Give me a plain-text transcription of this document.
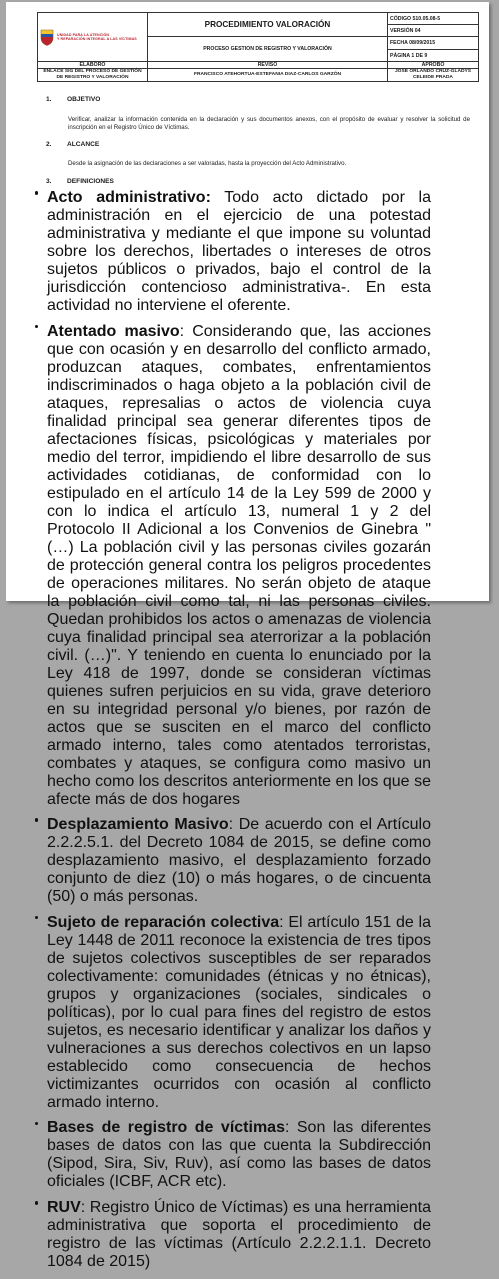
UNIDAD PARA LA ATENCIÓN
Y REPARACIÓN INTEGRAL A LAS VÍCTIMAS	PROCEDIMIENTO VALORACIÓN	CÓDIGO 510.05.08-5
		VERSIÓN 04
	PROCESO GESTION DE REGISTRO Y VALORACIÓN	FECHA 08/09/2015
		PÁGINA 1 DE 9
ELABORÓ	REVISÓ	APROBÓ
ENLACE SIG DEL PROCESO DE GESTIÓN DE REGISTRO Y VALORACIÓN	FRANCISCO ATEHORTUA-ESTEFANIA DIAZ-CARLOS GARZÓN	JOSE ORLANDO CRUZ-GLADYS CELEIDE PRADA
1. OBJETIVO
Verificar, analizar la información contenida en la declaración y sus documentos anexos, con el propósito de evaluar y resolver la solicitud de inscripción en el Registro Único de Víctimas.
2. ALCANCE
Desde la asignación de las declaraciones a ser valoradas, hasta la proyección del Acto Administrativo.
3. DEFINICIONES
Acto administrativo: Todo acto dictado por la administración en el ejercicio de una potestad administrativa y mediante el que impone su voluntad sobre los derechos, libertades o intereses de otros sujetos públicos o privados, bajo el control de la jurisdicción contencioso administrativa-. En esta actividad no interviene el oferente.
Atentado masivo: Considerando que, las acciones que con ocasión y en desarrollo del conflicto armado, produzcan ataques, combates, enfrentamientos indiscriminados o haga objeto a la población civil de ataques, represalias o actos de violencia cuya finalidad principal sea generar diferentes tipos de afectaciones físicas, psicológicas y materiales por medio del terror, impidiendo el libre desarrollo de sus actividades cotidianas, de conformidad con lo estipulado en el artículo 14 de la Ley 599 de 2000 y con lo indica el artículo 13, numeral 1 y 2 del Protocolo II Adicional a los Convenios de Ginebra "(…) La población civil y las personas civiles gozarán de protección general contra los peligros procedentes de operaciones militares. No serán objeto de ataque la población civil como tal, ni las personas civiles. Quedan prohibidos los actos o amenazas de violencia cuya finalidad principal sea aterrorizar a la población civil. (…)". Y teniendo en cuenta lo enunciado por la Ley 418 de 1997, donde se consideran víctimas quienes sufren perjuicios en su vida, grave deterioro en su integridad personal y/o bienes, por razón de actos que se susciten en el marco del conflicto armado interno, tales como atentados terroristas, combates y ataques, se configura como masivo un hecho como los descritos anteriormente en los que se afecte más de dos hogares
Desplazamiento Masivo: De acuerdo con el Artículo 2.2.2.5.1. del Decreto 1084 de 2015, se define como desplazamiento masivo, el desplazamiento forzado conjunto de diez (10) o más hogares, o de cincuenta (50) o más personas.
Sujeto de reparación colectiva: El artículo 151 de la Ley 1448 de 2011 reconoce la existencia de tres tipos de sujetos colectivos susceptibles de ser reparados colectivamente: comunidades (étnicas y no étnicas), grupos y organizaciones (sociales, sindicales o políticas), por lo cual para fines del registro de estos sujetos, es necesario identificar y analizar los daños y vulneraciones a sus derechos colectivos en un lapso establecido como consecuencia de hechos victimizantes ocurridos con ocasión al conflicto armado interno.
Bases de registro de víctimas: Son las diferentes bases de datos con las que cuenta la Subdirección (Sipod, Sira, Siv, Ruv), así como las bases de datos oficiales (ICBF, ACR etc).
RUV: Registro Único de Víctimas) es una herramienta administrativa que soporta el procedimiento de registro de las víctimas (Artículo 2.2.2.1.1. Decreto 1084 de 2015)
